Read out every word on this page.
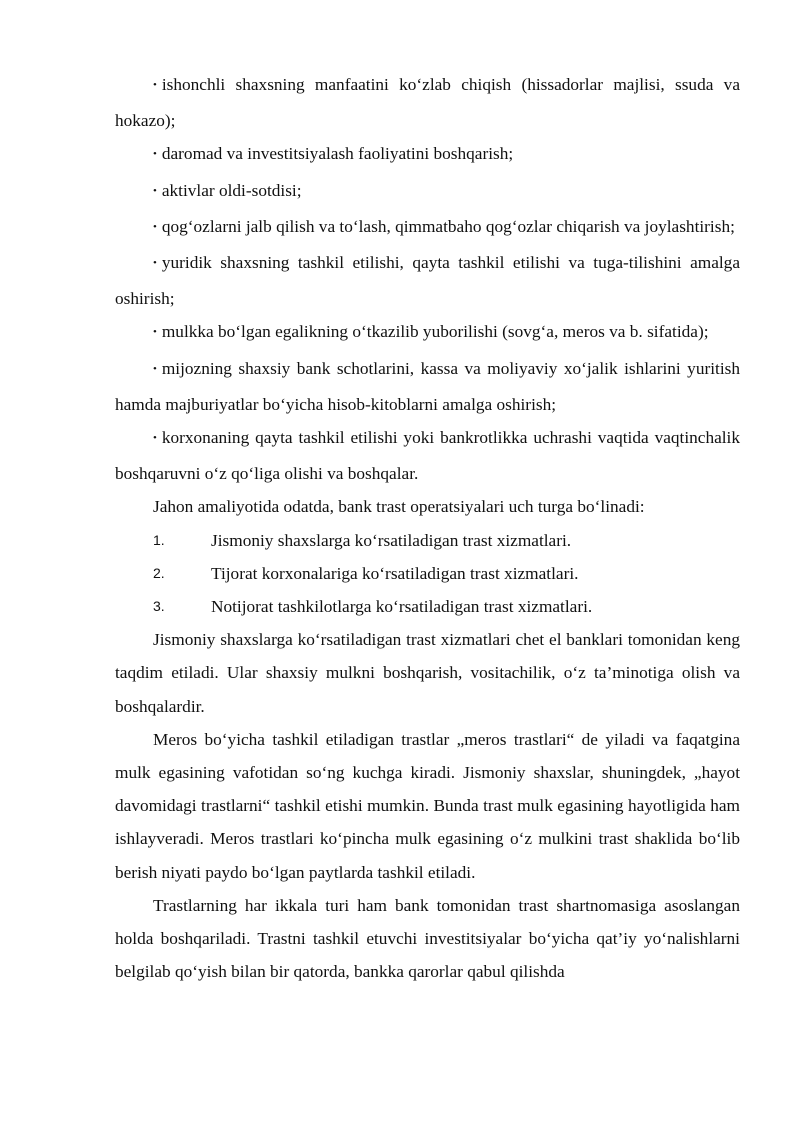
• ishonchli shaxsning manfaatini ko‘zlab chiqish (hissadorlar majlisi, ssuda va hokazo);

• daromad va investitsiyalash faoliyatini boshqarish;

• aktivlar oldi-sotdisi;

• qog‘ozlarni jalb qilish va to‘lash, qimmatbaho qog‘ozlar chiqarish va joylashtirish;

• yuridik shaxsning tashkil etilishi, qayta tashkil etilishi va tuga-tilishini amalga oshirish;

• mulkka bo‘lgan egalikning o‘tkazilib yuborilishi (sovg‘a, meros va b. sifatida);

• mijozning shaxsiy bank schotlarini, kassa va moliyaviy xo‘jalik ishlarini yuritish hamda majburiyatlar bo‘yicha hisob-kitoblarni amalga oshirish;

• korxonaning qayta tashkil etilishi yoki bankrotlikka uchrashi vaqtida vaqtinchalik boshqaruvni o‘z qo‘liga olishi va boshqalar.

Jahon amaliyotida odatda, bank trast operatsiyalari uch turga bo‘linadi:

1.	Jismoniy shaxslarga ko‘rsatiladigan trast xizmatlari.
2.	Tijorat korxonalariga ko‘rsatiladigan trast xizmatlari.
3.	Notijorat tashkilotlarga ko‘rsatiladigan trast xizmatlari.

Jismoniy shaxslarga ko‘rsatiladigan trast xizmatlari chet el banklari tomonidan keng taqdim etiladi. Ular shaxsiy mulkni boshqarish, vositachilik, o‘z ta’minotiga olish va boshqalardir.

Meros bo‘yicha tashkil etiladigan trastlar „meros trastlari“ de yiladi va faqatgina mulk egasining vafotidan so‘ng kuchga kiradi. Jismoniy shaxslar, shuningdek, „hayot davomidagi trastlarni“ tashkil etishi mumkin. Bunda trast mulk egasining hayotligida ham ishlayveradi. Meros trastlari ko‘pincha mulk egasining o‘z mulkini trast shaklida bo‘lib berish niyati paydo bo‘lgan paytlarda tashkil etiladi.

Trastlarning har ikkala turi ham bank tomonidan trast shartnomasiga asoslangan holda boshqariladi. Trastni tashkil etuvchi investitsiyalar bo‘yicha qat’iy yo‘nalishlarni belgilab qo‘yish bilan bir qatorda, bankka qarorlar qabul qilishda
